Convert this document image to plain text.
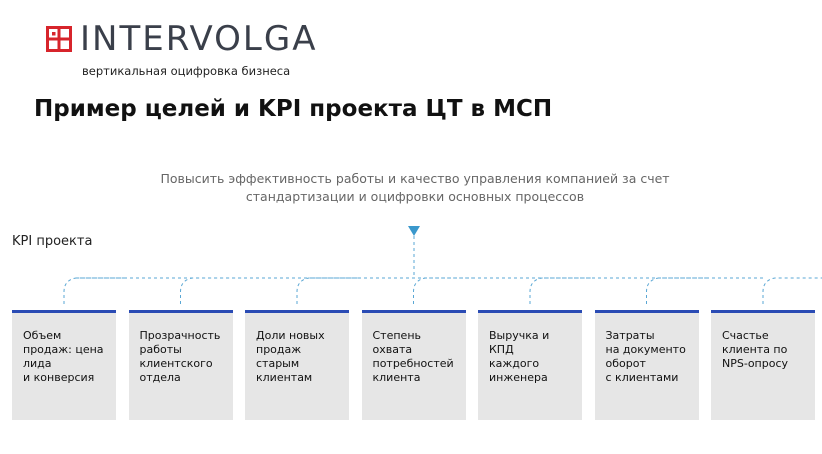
INTERVOLGA
вертикальная оцифровка бизнеса
Пример целей и KPI проекта ЦТ в МСП
Повысить эффективность работы и качество управления компанией за счет стандартизации и оцифровки основных процессов
KPI проекта
Объем
продаж: цена
лида
и конверсия
Прозрачность
работы
клиентского
отдела
Доли новых
продаж
старым
клиентам
Степень
охвата
потребностей
клиента
Выручка и КПД
каждого
инженера
Затраты
на документо
оборот
с клиентами
Счастье
клиента по
NPS-опросу
